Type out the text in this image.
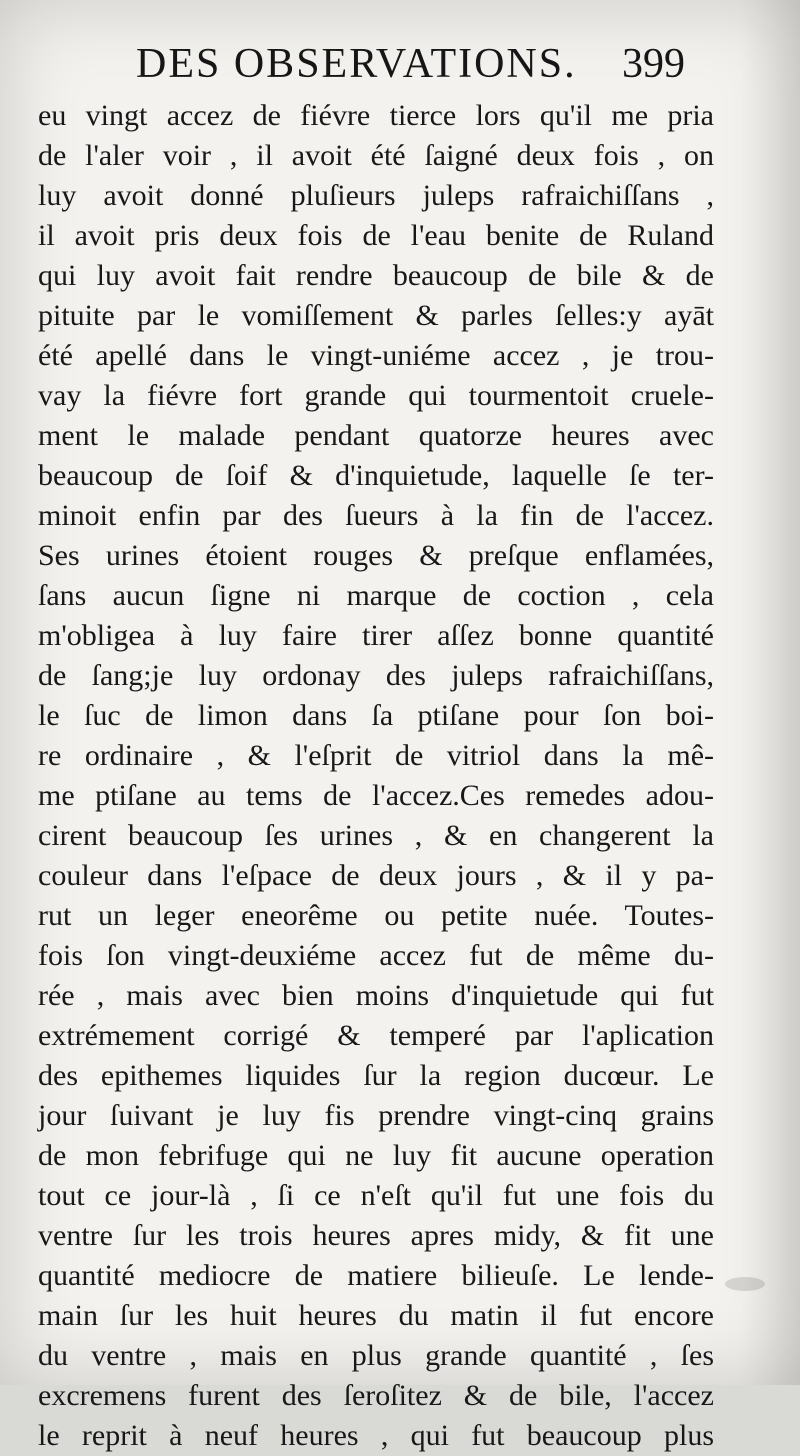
DES OBSERVATIONS. 399
eu vingt accez de fiévre tierce lors qu'il me pria
de l'aler voir , il avoit été ſaigné deux fois , on
luy avoit donné pluſieurs juleps rafraichiſſans ,
il avoit pris deux fois de l'eau benite de Ruland
qui luy avoit fait rendre beaucoup de bile & de
pituite par le vomiſſement & parles ſelles:y ayāt
été apellé dans le vingt-uniéme accez , je trou-
vay la fiévre fort grande qui tourmentoit cruele-
ment le malade pendant quatorze heures avec
beaucoup de ſoif & d'inquietude, laquelle ſe ter-
minoit enfin par des ſueurs à la fin de l'accez.
Ses urines étoient rouges & preſque enflamées,
ſans aucun ſigne ni marque de coction , cela
m'obligea à luy faire tirer aſſez bonne quantité
de ſang;je luy ordonay des juleps rafraichiſſans,
le ſuc de limon dans ſa ptiſane pour ſon boi-
re ordinaire , & l'eſprit de vitriol dans la mê-
me ptiſane au tems de l'accez.Ces remedes adou-
cirent beaucoup ſes urines , & en changerent la
couleur dans l'eſpace de deux jours , & il y pa-
rut un leger eneorême ou petite nuée. Toutes-
fois ſon vingt-deuxiéme accez fut de même du-
rée , mais avec bien moins d'inquietude qui fut
extrémement corrigé & temperé par l'aplication
des epithemes liquides ſur la region ducœur. Le
jour ſuivant je luy fis prendre vingt-cinq grains
de mon febrifuge qui ne luy fit aucune operation
tout ce jour-là , ſi ce n'eſt qu'il fut une fois du
ventre ſur les trois heures apres midy, & fit une
quantité mediocre de matiere bilieuſe. Le lende-
main ſur les huit heures du matin il fut encore
du ventre , mais en plus grande quantité , ſes
excremens furent des ſeroſitez & de bile, l'accez
le reprit à neuf heures , qui fut beaucoup plus
